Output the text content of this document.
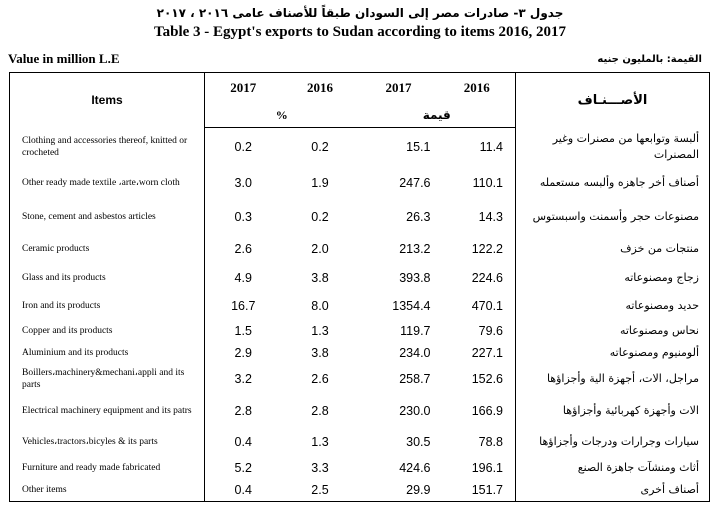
جدول ٣- صادرات مصر إلى السودان طبقاً للأصناف عامى ٢٠١٦ ، ٢٠١٧
Table 3 - Egypt's exports to Sudan according to items 2016, 2017
Value in million L.E	القيمة: بالمليون جنيه
Items	2017	2016	2017	2016	الأصـــنـاف
	%		قيمة		
Clothing and accessories thereof, knitted or crocheted	0.2	0.2	15.1	11.4	ألبسة وتوابعها من مصنرات وغير المصنرات
Other ready made textile ،arte،worn cloth	3.0	1.9	247.6	110.1	أصناف أخر جاهزه وألبسه مستعمله
Stone, cement and asbestos articles	0.3	0.2	26.3	14.3	مصنوعات حجر وأسمنت واسبستوس
Ceramic products	2.6	2.0	213.2	122.2	منتجات من خزف
Glass and its products	4.9	3.8	393.8	224.6	زجاج ومصنوعاته
Iron and its products	16.7	8.0	1354.4	470.1	حديد ومصنوعاته
Copper and its products	1.5	1.3	119.7	79.6	نحاس ومصنوعاته
Aluminium and its products	2.9	3.8	234.0	227.1	ألومنيوم ومصنوعاته
Boillers،machinery&mechani،appli and its parts	3.2	2.6	258.7	152.6	مراجل، الات، أجهزة الية وأجزاؤها
Electrical machinery equipment and its patrs	2.8	2.8	230.0	166.9	الات وأجهزة كهربائية وأجزاؤها
Vehicles،tractors،bicyles & its parts	0.4	1.3	30.5	78.8	سيارات وجرارات ودرجات وأجزاؤها
Furniture and ready made fabricated	5.2	3.3	424.6	196.1	أثاث ومنشآت جاهزة الصنع
Other items	0.4	2.5	29.9	151.7	أصناف أخرى
